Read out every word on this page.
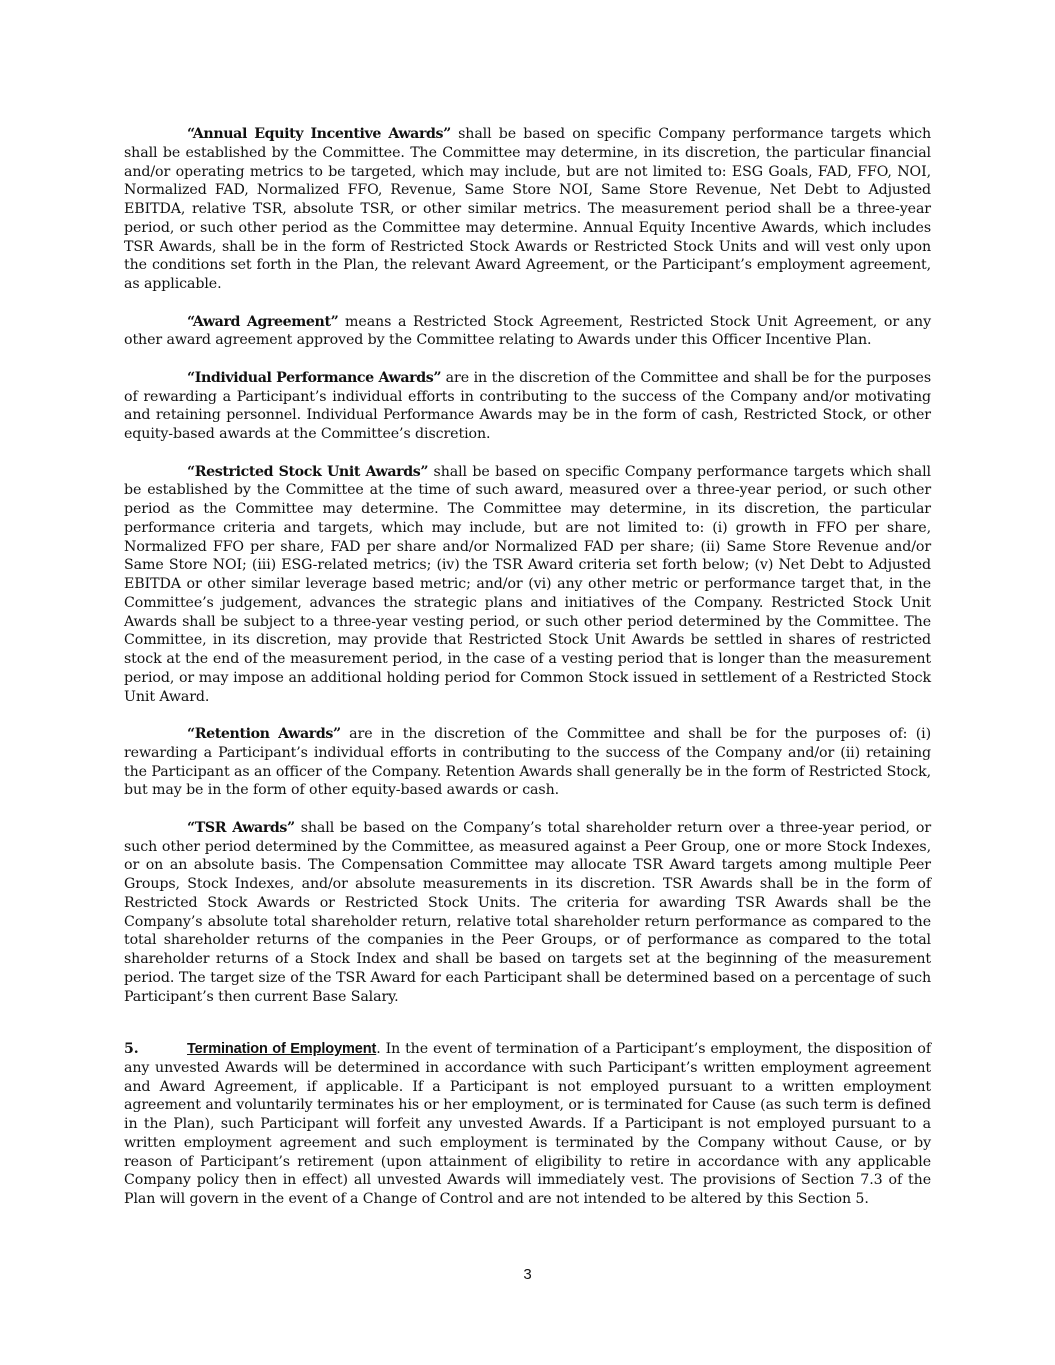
“Annual Equity Incentive Awards” shall be based on specific Company performance targets which shall be established by the Committee. The Committee may determine, in its discretion, the particular financial and/or operating metrics to be targeted, which may include, but are not limited to: ESG Goals, FAD, FFO, NOI, Normalized FAD, Normalized FFO, Revenue, Same Store NOI, Same Store Revenue, Net Debt to Adjusted EBITDA, relative TSR, absolute TSR, or other similar metrics. The measurement period shall be a three-year period, or such other period as the Committee may determine. Annual Equity Incentive Awards, which includes TSR Awards, shall be in the form of Restricted Stock Awards or Restricted Stock Units and will vest only upon the conditions set forth in the Plan, the relevant Award Agreement, or the Participant’s employment agreement, as applicable.

“Award Agreement” means a Restricted Stock Agreement, Restricted Stock Unit Agreement, or any other award agreement approved by the Committee relating to Awards under this Officer Incentive Plan.

“Individual Performance Awards” are in the discretion of the Committee and shall be for the purposes of rewarding a Participant’s individual efforts in contributing to the success of the Company and/or motivating and retaining personnel. Individual Performance Awards may be in the form of cash, Restricted Stock, or other equity-based awards at the Committee’s discretion.

“Restricted Stock Unit Awards” shall be based on specific Company performance targets which shall be established by the Committee at the time of such award, measured over a three-year period, or such other period as the Committee may determine. The Committee may determine, in its discretion, the particular performance criteria and targets, which may include, but are not limited to: (i) growth in FFO per share, Normalized FFO per share, FAD per share and/or Normalized FAD per share; (ii) Same Store Revenue and/or Same Store NOI; (iii) ESG-related metrics; (iv) the TSR Award criteria set forth below; (v) Net Debt to Adjusted EBITDA or other similar leverage based metric; and/or (vi) any other metric or performance target that, in the Committee’s judgement, advances the strategic plans and initiatives of the Company. Restricted Stock Unit Awards shall be subject to a three-year vesting period, or such other period determined by the Committee. The Committee, in its discretion, may provide that Restricted Stock Unit Awards be settled in shares of restricted stock at the end of the measurement period, in the case of a vesting period that is longer than the measurement period, or may impose an additional holding period for Common Stock issued in settlement of a Restricted Stock Unit Award.

“Retention Awards” are in the discretion of the Committee and shall be for the purposes of: (i) rewarding a Participant’s individual efforts in contributing to the success of the Company and/or (ii) retaining the Participant as an officer of the Company. Retention Awards shall generally be in the form of Restricted Stock, but may be in the form of other equity-based awards or cash.

“TSR Awards” shall be based on the Company’s total shareholder return over a three-year period, or such other period determined by the Committee, as measured against a Peer Group, one or more Stock Indexes, or on an absolute basis. The Compensation Committee may allocate TSR Award targets among multiple Peer Groups, Stock Indexes, and/or absolute measurements in its discretion. TSR Awards shall be in the form of Restricted Stock Awards or Restricted Stock Units. The criteria for awarding TSR Awards shall be the Company’s absolute total shareholder return, relative total shareholder return performance as compared to the total shareholder returns of the companies in the Peer Groups, or of performance as compared to the total shareholder returns of a Stock Index and shall be based on targets set at the beginning of the measurement period. The target size of the TSR Award for each Participant shall be determined based on a percentage of such Participant’s then current Base Salary.

5.	Termination of Employment. In the event of termination of a Participant’s employment, the disposition of any unvested Awards will be determined in accordance with such Participant’s written employment agreement and Award Agreement, if applicable. If a Participant is not employed pursuant to a written employment agreement and voluntarily terminates his or her employment, or is terminated for Cause (as such term is defined in the Plan), such Participant will forfeit any unvested Awards. If a Participant is not employed pursuant to a written employment agreement and such employment is terminated by the Company without Cause, or by reason of Participant’s retirement (upon attainment of eligibility to retire in accordance with any applicable Company policy then in effect) all unvested Awards will immediately vest. The provisions of Section 7.3 of the Plan will govern in the event of a Change of Control and are not intended to be altered by this Section 5.

3
